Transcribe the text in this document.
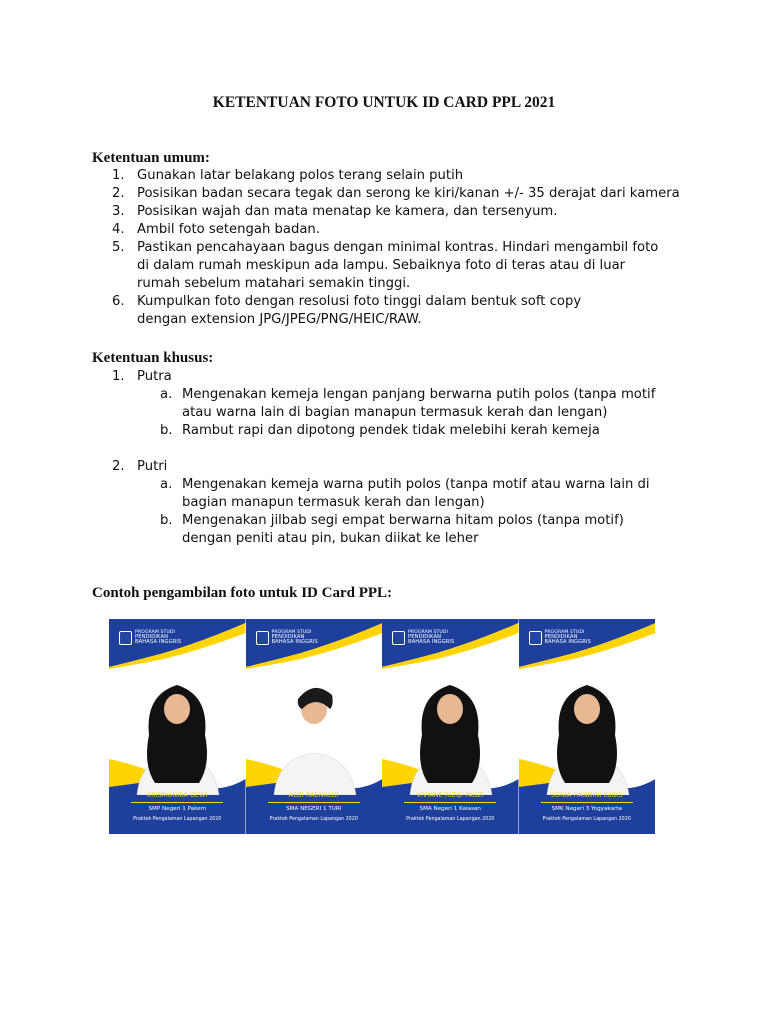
KETENTUAN FOTO UNTUK ID CARD PPL 2021
Ketentuan umum:
1. Gunakan latar belakang polos terang selain putih
2. Posisikan badan secara tegak dan serong ke kiri/kanan +/- 35 derajat dari kamera
3. Posisikan wajah dan mata menatap ke kamera, dan tersenyum.
4. Ambil foto setengah badan.
5. Pastikan pencahayaan bagus dengan minimal kontras. Hindari mengambil foto di dalam rumah meskipun ada lampu. Sebaiknya foto di teras atau di luar rumah sebelum matahari semakin tinggi.
6. Kumpulkan foto dengan resolusi foto tinggi dalam bentuk soft copy dengan extension JPG/JPEG/PNG/HEIC/RAW.
Ketentuan khusus:
1. Putra
a. Mengenakan kemeja lengan panjang berwarna putih polos (tanpa motif atau warna lain di bagian manapun termasuk kerah dan lengan)
b. Rambut rapi dan dipotong pendek tidak melebihi kerah kemeja
2. Putri
a. Mengenakan kemeja warna putih polos (tanpa motif atau warna lain di bagian manapun termasuk kerah dan lengan)
b. Mengenakan jilbab segi empat berwarna hitam polos (tanpa motif) dengan peniti atau pin, bukan diikat ke leher
Contoh pengambilan foto untuk ID Card PPL:
PROGRAM STUDI
PENDIDIKAN
BAHASA INGGRIS
KRISMONIKA DEWI
SMP Negeri 1 Pakem
Praktek Pengalaman Lapangan 2020
PROGRAM STUDI
PENDIDIKAN
BAHASA INGGRIS
ALDI RAENALDI
SMA NEGERI 1 TURI
Praktek Pengalaman Lapangan 2020
PROGRAM STUDI
PENDIDIKAN
BAHASA INGGRIS
VIVIANE RIZQI FAUZI
SMA Negeri 1 Kalasan
Praktek Pengalaman Lapangan 2020
PROGRAM STUDI
PENDIDIKAN
BAHASA INGGRIS
SONIA HANDINI LUBIS
SMK Negeri 3 Yogyakarta
Praktek Pengalaman Lapangan 2020
